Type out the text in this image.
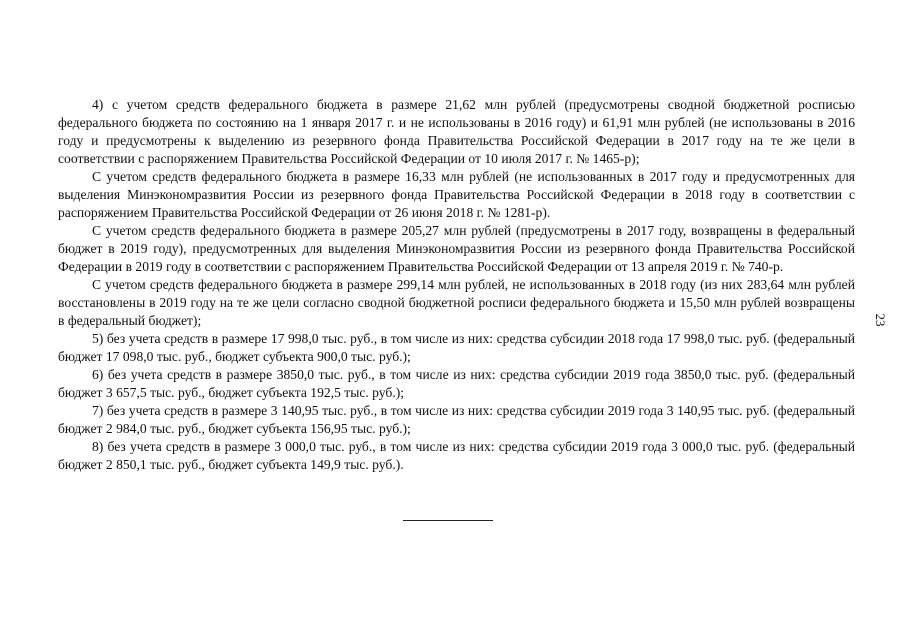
4) с учетом средств федерального бюджета в размере 21,62 млн рублей (предусмотрены сводной бюджетной росписью федерального бюджета по состоянию на 1 января 2017 г. и не использованы в 2016 году) и 61,91 млн рублей (не использованы в 2016 году и предусмотрены к выделению из резервного фонда Правительства Российской Федерации в 2017 году на те же цели в соответствии с распоряжением Правительства Российской Федерации от 10 июля 2017 г. № 1465-р);

С учетом средств федерального бюджета в размере 16,33 млн рублей (не использованных в 2017 году и предусмотренных для выделения Минэкономразвития России из резервного фонда Правительства Российской Федерации в 2018 году в соответствии с распоряжением Правительства Российской Федерации от 26 июня 2018 г. № 1281-р).

С учетом средств федерального бюджета в размере 205,27 млн рублей (предусмотрены в 2017 году, возвращены в федеральный бюджет в 2019 году), предусмотренных для выделения Минэкономразвития России из резервного фонда Правительства Российской Федерации в 2019 году в соответствии с распоряжением Правительства Российской Федерации от 13 апреля 2019 г. № 740-р.

С учетом средств федерального бюджета в размере 299,14 млн рублей, не использованных в 2018 году (из них 283,64 млн рублей восстановлены в 2019 году на те же цели согласно сводной бюджетной росписи федерального бюджета и 15,50 млн рублей возвращены в федеральный бюджет);

5) без учета средств в размере 17 998,0 тыс. руб., в том числе из них: средства субсидии 2018 года 17 998,0 тыс. руб. (федеральный бюджет 17 098,0 тыс. руб., бюджет субъекта 900,0 тыс. руб.);

6) без учета средств в размере 3850,0 тыс. руб., в том числе из них: средства субсидии 2019 года 3850,0 тыс. руб. (федеральный бюджет 3 657,5 тыс. руб., бюджет субъекта 192,5 тыс. руб.);

7) без учета средств в размере 3 140,95 тыс. руб., в том числе из них: средства субсидии 2019 года 3 140,95 тыс. руб. (федеральный бюджет 2 984,0 тыс. руб., бюджет субъекта 156,95 тыс. руб.);

8) без учета средств в размере 3 000,0 тыс. руб., в том числе из них: средства субсидии 2019 года 3 000,0 тыс. руб. (федеральный бюджет 2 850,1 тыс. руб., бюджет субъекта 149,9 тыс. руб.).

23
